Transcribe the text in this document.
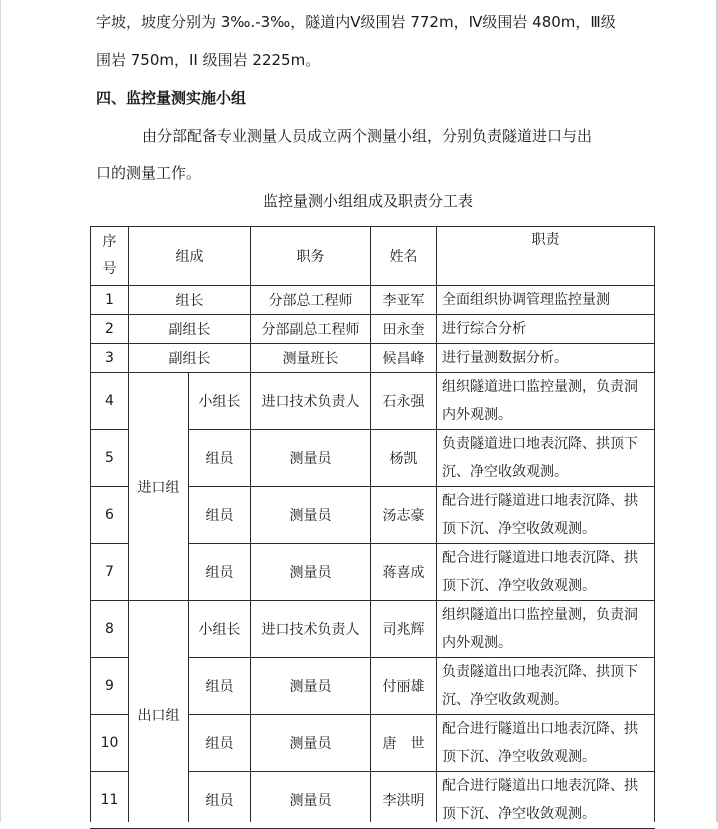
字坡，坡度分别为 3‰.-3‰，隧道内Ⅴ级围岩 772m，Ⅳ级围岩 480m，Ⅲ级
围岩 750m，II 级围岩 2225m。
四、监控量测实施小组
由分部配备专业测量人员成立两个测量小组，分别负责隧道进口与出
口的测量工作。
监控量测小组组成及职责分工表
序
号	组成		职务	姓名	职责
1	组长		分部总工程师	李亚军	全面组织协调管理监控量测
2	副组长		分部副总工程师	田永奎	进行综合分析
3	副组长		测量班长	候昌峰	进行量测数据分析。
4	进口组	小组长	进口技术负责人	石永强	组织隧道进口监控量测，负责洞
内外观测。

5		组员	测量员	杨凯	负责隧道进口地表沉降、拱顶下
沉、净空收敛观测。

6		组员	测量员	汤志豪	配合进行隧道进口地表沉降、拱
顶下沉、净空收敛观测。

7		组员	测量员	蒋喜成	配合进行隧道进口地表沉降、拱
顶下沉、净空收敛观测。

8	出口组	小组长	进口技术负责人	司兆辉	组织隧道出口监控量测，负责洞
内外观测。

9		组员	测量员	付丽雄	负责隧道出口地表沉降、拱顶下
沉、净空收敛观测。

10		组员	测量员	唐　世	配合进行隧道出口地表沉降、拱
顶下沉、净空收敛观测。

11		组员	测量员	李洪明	配合进行隧道出口地表沉降、拱
顶下沉、净空收敛观测。
